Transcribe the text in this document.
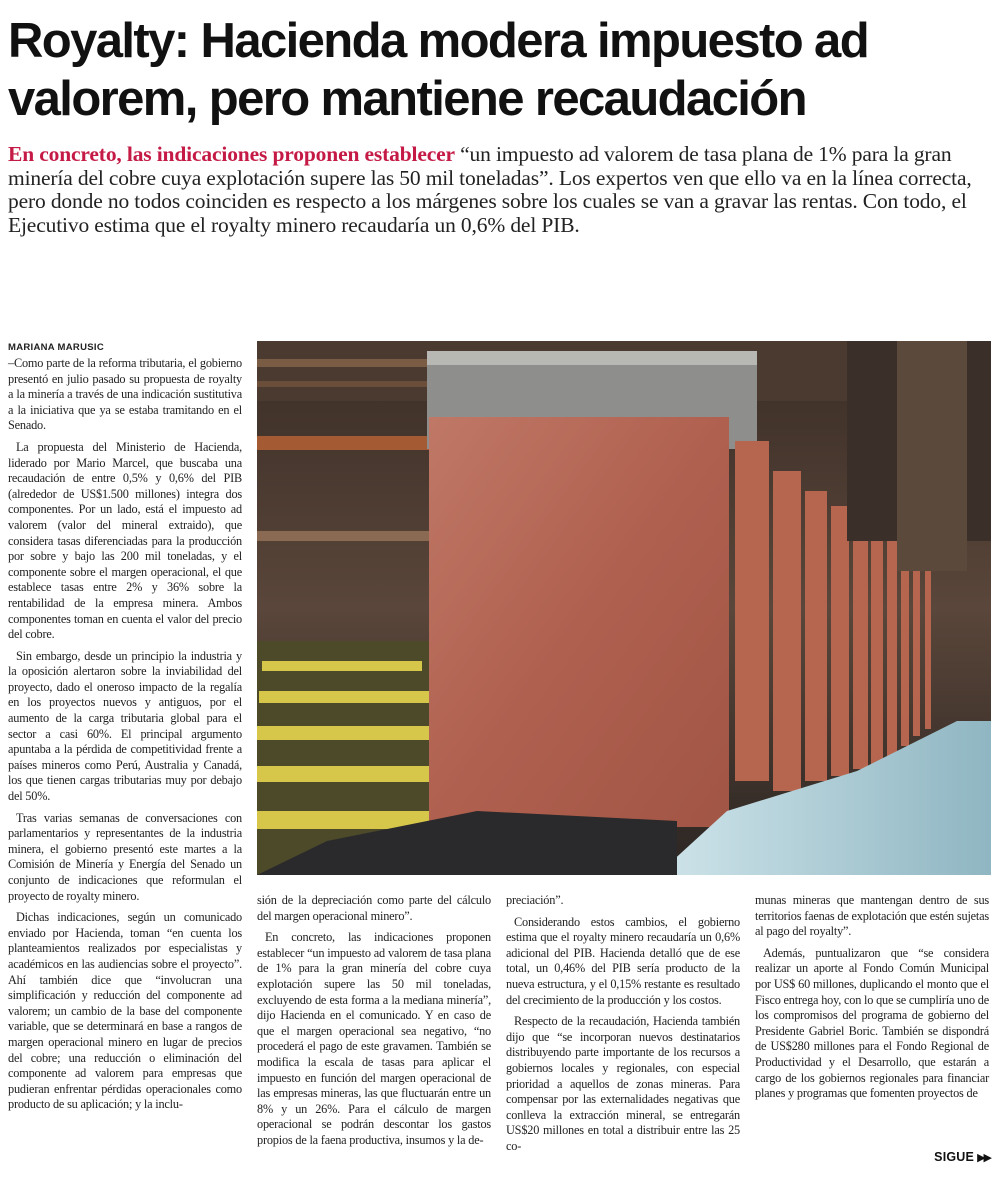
Royalty: Hacienda modera impuesto ad valorem, pero mantiene recaudación

En concreto, las indicaciones proponen establecer “un impuesto ad valorem de tasa plana de 1% para la gran minería del cobre cuya explotación supere las 50 mil toneladas”. Los expertos ven que ello va en la línea correcta, pero donde no todos coinciden es respecto a los márgenes sobre los cuales se van a gravar las rentas. Con todo, el Ejecutivo estima que el royalty minero recaudaría un 0,6% del PIB.

MARIANA MARUSIC

–Como parte de la reforma tributaria, el gobierno presentó en julio pasado su propuesta de royalty a la minería a través de una indicación sustitutiva a la iniciativa que ya se estaba tramitando en el Senado.

La propuesta del Ministerio de Hacienda, liderado por Mario Marcel, que buscaba una recaudación de entre 0,5% y 0,6% del PIB (alrededor de US$1.500 millones) integra dos componentes. Por un lado, está el impuesto ad valorem (valor del mineral extraido), que considera tasas diferenciadas para la producción por sobre y bajo las 200 mil toneladas, y el componente sobre el margen operacional, el que establece tasas entre 2% y 36% sobre la rentabilidad de la empresa minera. Ambos componentes toman en cuenta el valor del precio del cobre.

Sin embargo, desde un principio la industria y la oposición alertaron sobre la inviabilidad del proyecto, dado el oneroso impacto de la regalía en los proyectos nuevos y antiguos, por el aumento de la carga tributaria global para el sector a casi 60%. El principal argumento apuntaba a la pérdida de competitividad frente a países mineros como Perú, Australia y Canadá, los que tienen cargas tributarias muy por debajo del 50%.

Tras varias semanas de conversaciones con parlamentarios y representantes de la industria minera, el gobierno presentó este martes a la Comisión de Minería y Energía del Senado un conjunto de indicaciones que reformulan el proyecto de royalty minero.

Dichas indicaciones, según un comunicado enviado por Hacienda, toman “en cuenta los planteamientos realizados por especialistas y académicos en las audiencias sobre el proyecto”. Ahí también dice que “involucran una simplificación y reducción del componente ad valorem; un cambio de la base del componente variable, que se determinará en base a rangos de margen operacional minero en lugar de precios del cobre; una reducción o eliminación del componente ad valorem para empresas que pudieran enfrentar pérdidas operacionales como producto de su aplicación; y la inclu-

sión de la depreciación como parte del cálculo del margen operacional minero”.

En concreto, las indicaciones proponen establecer “un impuesto ad valorem de tasa plana de 1% para la gran minería del cobre cuya explotación supere las 50 mil toneladas, excluyendo de esta forma a la mediana minería”, dijo Hacienda en el comunicado. Y en caso de que el margen operacional sea negativo, “no procederá el pago de este gravamen. También se modifica la escala de tasas para aplicar el impuesto en función del margen operacional de las empresas mineras, las que fluctuarán entre un 8% y un 26%. Para el cálculo de margen operacional se podrán descontar los gastos propios de la faena productiva, insumos y la de-

preciación”.

Considerando estos cambios, el gobierno estima que el royalty minero recaudaría un 0,6% adicional del PIB. Hacienda detalló que de ese total, un 0,46% del PIB sería producto de la nueva estructura, y el 0,15% restante es resultado del crecimiento de la producción y los costos.

Respecto de la recaudación, Hacienda también dijo que “se incorporan nuevos destinatarios distribuyendo parte importante de los recursos a gobiernos locales y regionales, con especial prioridad a aquellos de zonas mineras. Para compensar por las externalidades negativas que conlleva la extracción mineral, se entregarán US$20 millones en total a distribuir entre las 25 co-

munas mineras que mantengan dentro de sus territorios faenas de explotación que estén sujetas al pago del royalty”.

Además, puntualizaron que “se considera realizar un aporte al Fondo Común Municipal por US$ 60 millones, duplicando el monto que el Fisco entrega hoy, con lo que se cumpliría uno de los compromisos del programa de gobierno del Presidente Gabriel Boric. También se dispondrá de US$280 millones para el Fondo Regional de Productividad y el Desarrollo, que estarán a cargo de los gobiernos regionales para financiar planes y programas que fomenten proyectos de

SIGUE ▶▶
